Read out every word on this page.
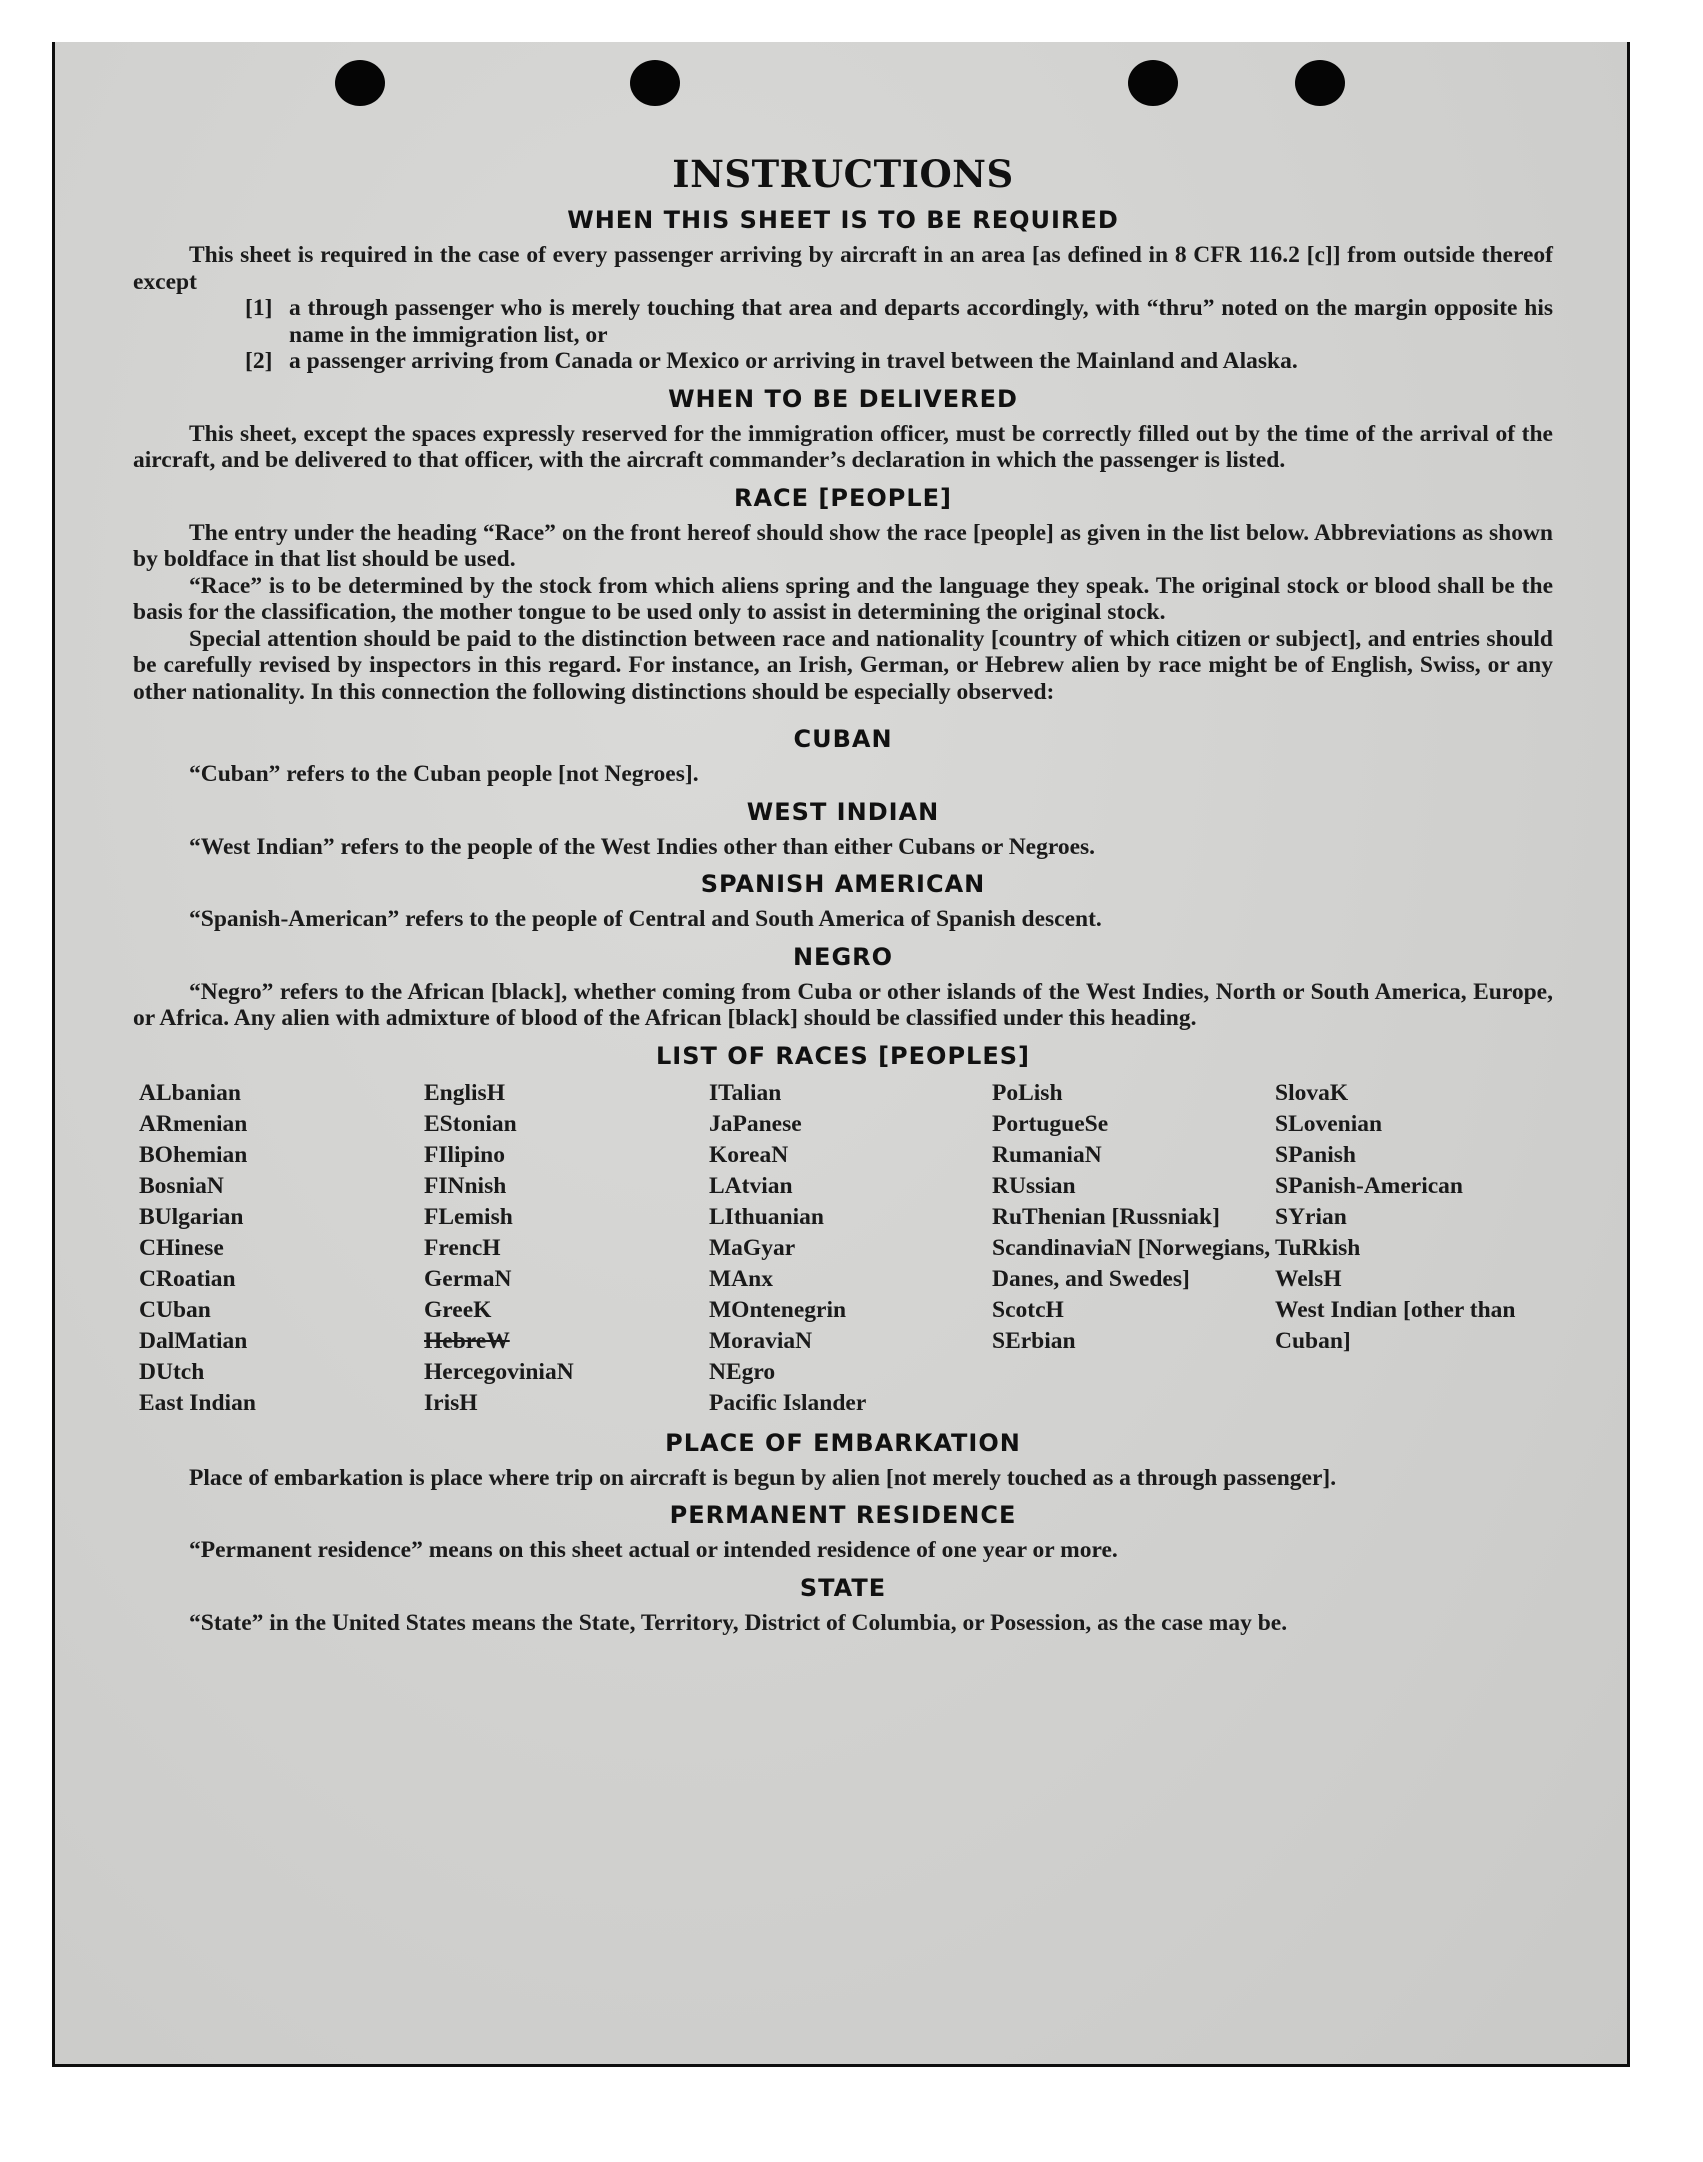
INSTRUCTIONS
WHEN THIS SHEET IS TO BE REQUIRED

This sheet is required in the case of every passenger arriving by aircraft in an area [as defined in 8 CFR 116.2 [c]] from outside thereof except

[1] a through passenger who is merely touching that area and departs accordingly, with “thru” noted on the margin opposite his name in the immigration list, or
[2] a passenger arriving from Canada or Mexico or arriving in travel between the Mainland and Alaska.
WHEN TO BE DELIVERED

This sheet, except the spaces expressly reserved for the immigration officer, must be correctly filled out by the time of the arrival of the aircraft, and be delivered to that officer, with the aircraft commander’s declaration in which the passenger is listed.

RACE [PEOPLE]

The entry under the heading “Race” on the front hereof should show the race [people] as given in the list below. Abbreviations as shown by boldface in that list should be used.

“Race” is to be determined by the stock from which aliens spring and the language they speak. The original stock or blood shall be the basis for the classification, the mother tongue to be used only to assist in determining the original stock.

Special attention should be paid to the distinction between race and nationality [country of which citizen or subject], and entries should be carefully revised by inspectors in this regard. For instance, an Irish, German, or Hebrew alien by race might be of English, Swiss, or any other nationality. In this connection the following distinctions should be especially observed:

CUBAN

“Cuban” refers to the Cuban people [not Negroes].

WEST INDIAN

“West Indian” refers to the people of the West Indies other than either Cubans or Negroes.

SPANISH AMERICAN

“Spanish-American” refers to the people of Central and South America of Spanish descent.

NEGRO

“Negro” refers to the African [black], whether coming from Cuba or other islands of the West Indies, North or South America, Europe, or Africa. Any alien with admixture of blood of the African [black] should be classified under this heading.

LIST OF RACES [PEOPLES]
ALbanian
ARmenian
BOhemian
BosniaN
BUlgarian
CHinese
CRoatian
CUban
DalMatian
DUtch
East Indian
EnglisH
EStonian
FIlipino
FINnish
FLemish
FrencH
GermaN
GreeK
HebreW
HercegoviniaN
IrisH
ITalian
JaPanese
KoreaN
LAtvian
LIthuanian
MaGyar
MAnx
MOntenegrin
MoraviaN
NEgro
Pacific Islander
PoLish
PortugueSe
RumaniaN
RUssian
RuThenian [Russniak]
ScandinaviaN [Norwegians, Danes, and Swedes]
ScotcH
SErbian
SlovaK
SLovenian
SPanish
SPanish-American
SYrian
TuRkish
WelsH
West Indian [other than Cuban]
PLACE OF EMBARKATION

Place of embarkation is place where trip on aircraft is begun by alien [not merely touched as a through passenger].

PERMANENT RESIDENCE

“Permanent residence” means on this sheet actual or intended residence of one year or more.

STATE

“State” in the United States means the State, Territory, District of Columbia, or Posession, as the case may be.
